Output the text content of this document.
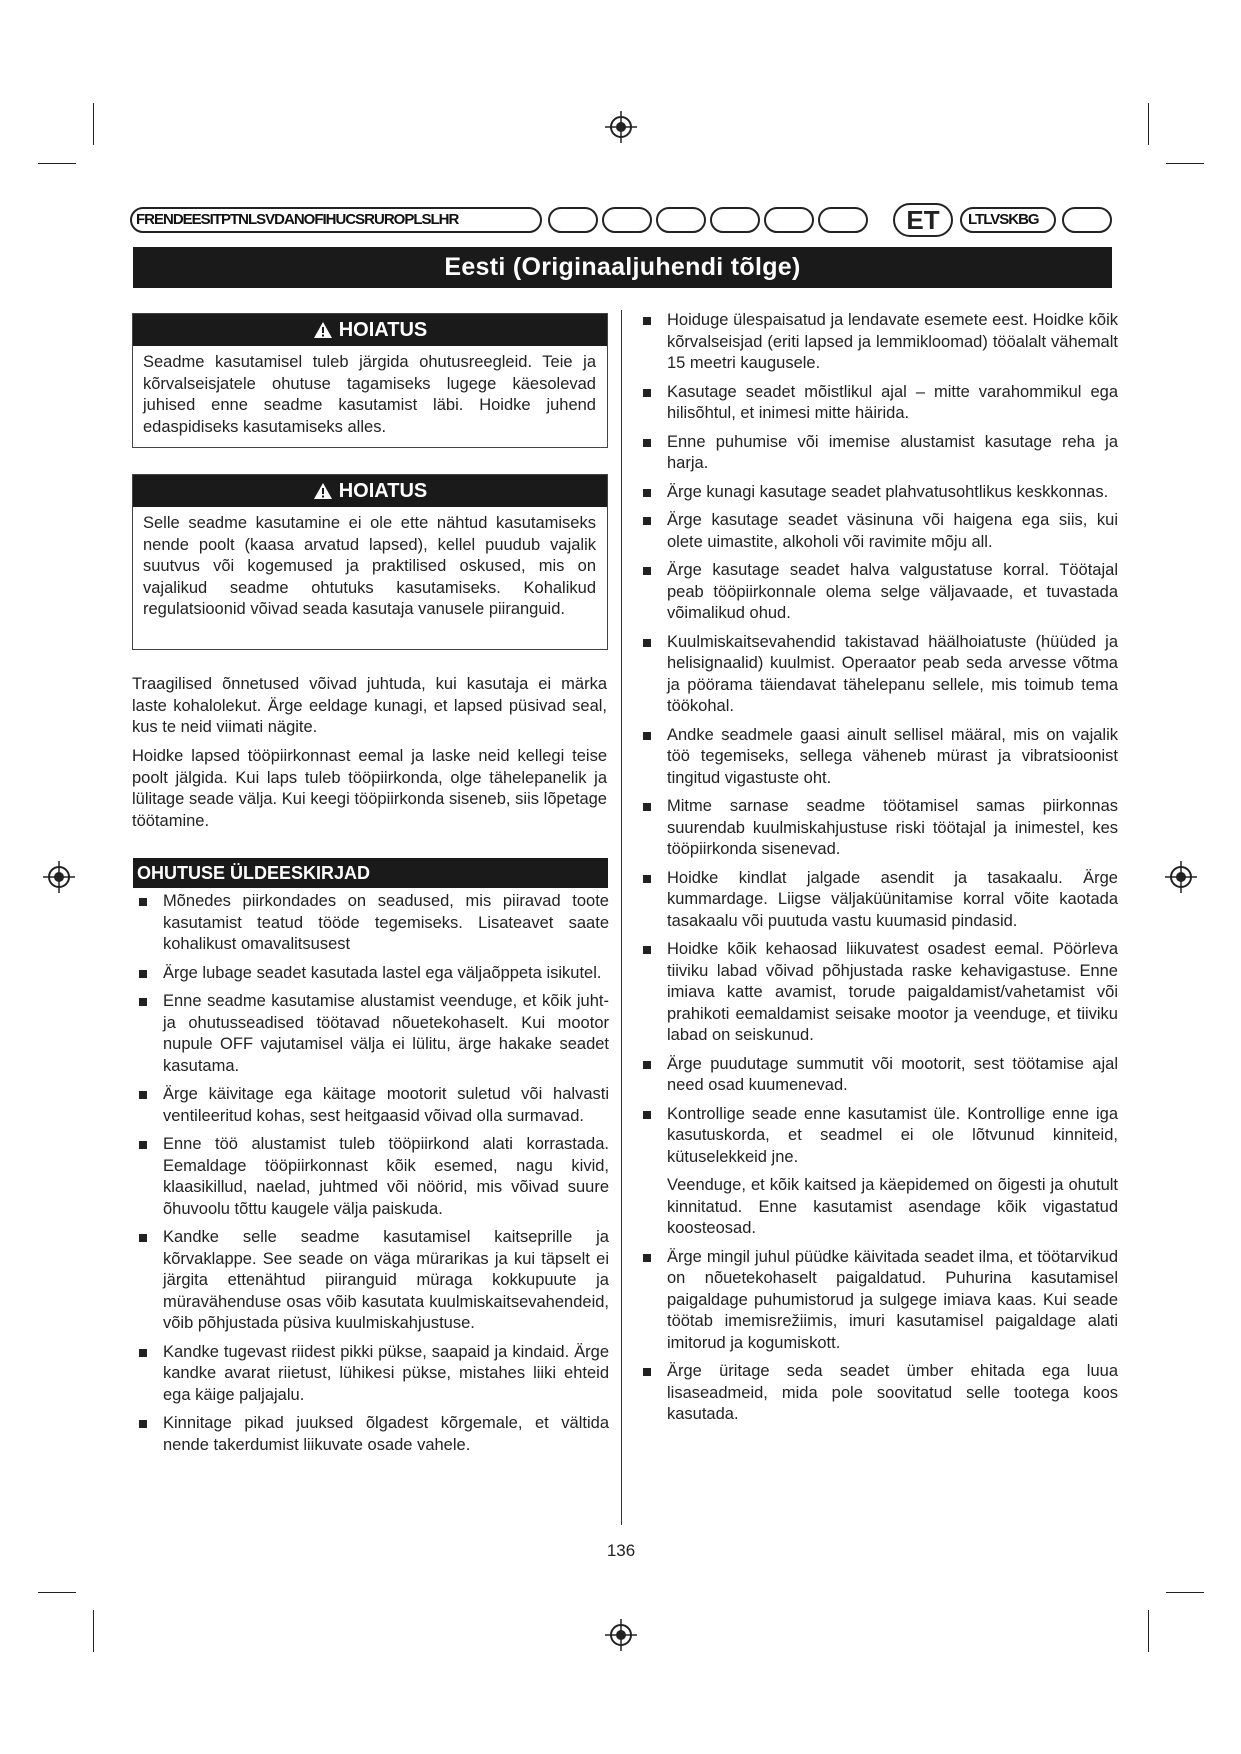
FRENDEESITPTNLSVDANOFIHUCSRUROPLSLHR	ET	LTLVSKBG
Eesti (Originaaljuhendi tõlge)
HOIATUS
Seadme kasutamisel tuleb järgida ohutusreegleid. Teie ja kõrvalseisjatele ohutuse tagamiseks lugege käesolevad juhised enne seadme kasutamist läbi. Hoidke juhend edaspidiseks kasutamiseks alles.
HOIATUS
Selle seadme kasutamine ei ole ette nähtud kasutamiseks nende poolt (kaasa arvatud lapsed), kellel puudub vajalik suutvus või kogemused ja praktilised oskused, mis on vajalikud seadme ohtutuks kasutamiseks. Kohalikud regulatsioonid võivad seada kasutaja vanusele piiranguid.
Traagilised õnnetused võivad juhtuda, kui kasutaja ei märka laste kohalolekut. Ärge eeldage kunagi, et lapsed püsivad seal, kus te neid viimati nägite.
Hoidke lapsed tööpiirkonnast eemal ja laske neid kellegi teise poolt jälgida. Kui laps tuleb tööpiirkonda, olge tähelepanelik ja lülitage seade välja. Kui keegi tööpiirkonda siseneb, siis lõpetage töötamine.
OHUTUSE ÜLDEESKIRJAD
Mõnedes piirkondades on seadused, mis piiravad toote kasutamist teatud tööde tegemiseks. Lisateavet saate kohalikust omavalitsusest
Ärge lubage seadet kasutada lastel ega väljaõppeta isikutel.
Enne seadme kasutamise alustamist veenduge, et kõik juht- ja ohutusseadised töötavad nõuetekohaselt. Kui mootor nupule OFF vajutamisel välja ei lülitu, ärge hakake seadet kasutama.
Ärge käivitage ega käitage mootorit suletud või halvasti ventileeritud kohas, sest heitgaasid võivad olla surmavad.
Enne töö alustamist tuleb tööpiirkond alati korrastada. Eemaldage tööpiirkonnast kõik esemed, nagu kivid, klaasikillud, naelad, juhtmed või nöörid, mis võivad suure õhuvoolu tõttu kaugele välja paiskuda.
Kandke selle seadme kasutamisel kaitseprille ja kõrvaklappe. See seade on väga mürarikas ja kui täpselt ei järgita ettenähtud piiranguid müraga kokkupuute ja müravähenduse osas võib kasutata kuulmiskaitsevahendeid, võib põhjustada püsiva kuulmiskahjustuse.
Kandke tugevast riidest pikki pükse, saapaid ja kindaid. Ärge kandke avarat riietust, lühikesi pükse, mistahes liiki ehteid ega käige paljajalu.
Kinnitage pikad juuksed õlgadest kõrgemale, et vältida nende takerdumist liikuvate osade vahele.
Hoiduge ülespaisatud ja lendavate esemete eest. Hoidke kõik kõrvalseisjad (eriti lapsed ja lemmikloomad) tööalalt vähemalt 15 meetri kaugusele.
Kasutage seadet mõistlikul ajal – mitte varahommikul ega hilisõhtul, et inimesi mitte häirida.
Enne puhumise või imemise alustamist kasutage reha ja harja.
Ärge kunagi kasutage seadet plahvatusohtlikus keskkonnas.
Ärge kasutage seadet väsinuna või haigena ega siis, kui olete uimastite, alkoholi või ravimite mõju all.
Ärge kasutage seadet halva valgustatuse korral. Töötajal peab tööpiirkonnale olema selge väljavaade, et tuvastada võimalikud ohud.
Kuulmiskaitsevahendid takistavad häälhoiatuste (hüüded ja helisignaalid) kuulmist. Operaator peab seda arvesse võtma ja pöörama täiendavat tähelepanu sellele, mis toimub tema töökohal.
Andke seadmele gaasi ainult sellisel määral, mis on vajalik töö tegemiseks, sellega väheneb mürast ja vibratsioonist tingitud vigastuste oht.
Mitme sarnase seadme töötamisel samas piirkonnas suurendab kuulmiskahjustuse riski töötajal ja inimestel, kes tööpiirkonda sisenevad.
Hoidke kindlat jalgade asendit ja tasakaalu. Ärge kummardage. Liigse väljaküünitamise korral võite kaotada tasakaalu või puutuda vastu kuumasid pindasid.
Hoidke kõik kehaosad liikuvatest osadest eemal. Pöörleva tiiviku labad võivad põhjustada raske kehavigastuse. Enne imiava katte avamist, torude paigaldamist/vahetamist või prahikoti eemaldamist seisake mootor ja veenduge, et tiiviku labad on seiskunud.
Ärge puudutage summutit või mootorit, sest töötamise ajal need osad kuumenevad.
Kontrollige seade enne kasutamist üle. Kontrollige enne iga kasutuskorda, et seadmel ei ole lõtvunud kinniteid, kütuselekkeid jne.
Veenduge, et kõik kaitsed ja käepidemed on õigesti ja ohutult kinnitatud. Enne kasutamist asendage kõik vigastatud koosteosad.
Ärge mingil juhul püüdke käivitada seadet ilma, et töötarvikud on nõuetekohaselt paigaldatud. Puhurina kasutamisel paigaldage puhumistorud ja sulgege imiava kaas. Kui seade töötab imemisrežiimis, imuri kasutamisel paigaldage alati imitorud ja kogumiskott.
Ärge üritage seda seadet ümber ehitada ega luua lisaseadmeid, mida pole soovitatud selle tootega koos kasutada.
136
